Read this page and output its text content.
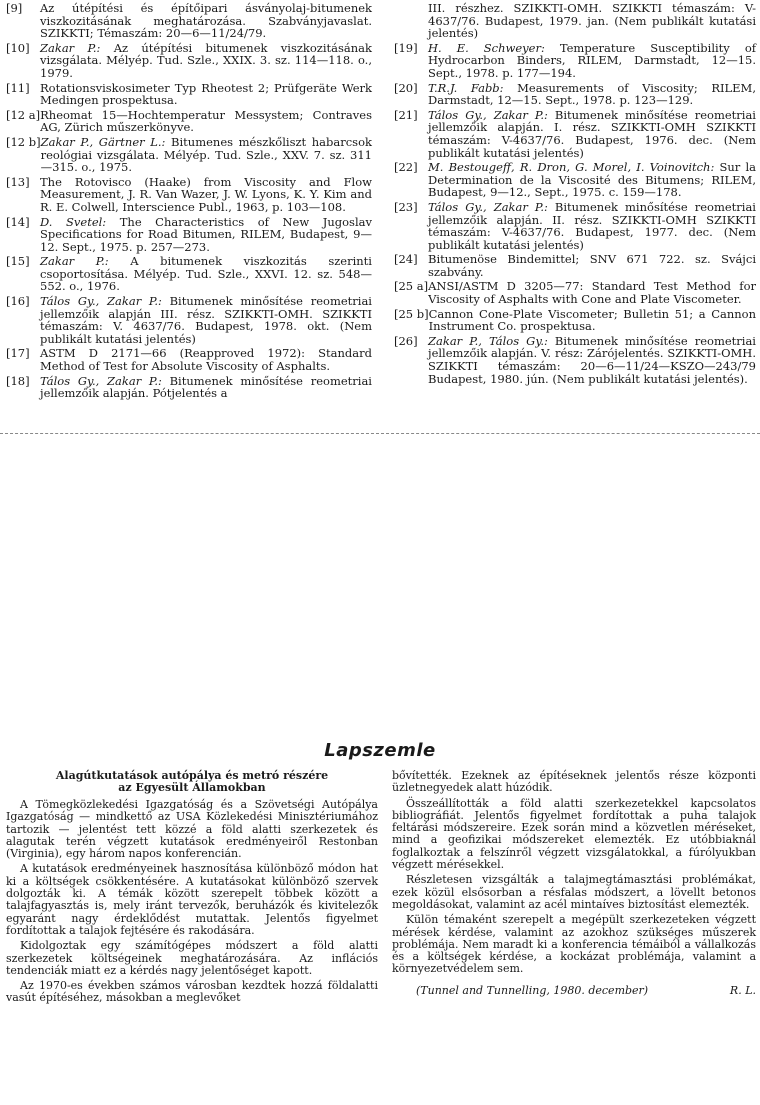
[9]	Az útépítési és építőipari ásványolaj-bitumenek viszkozitásának meghatározása. Szabványjavaslat. SZIKKTI; Témaszám: 20—6—11/24/79.
[10] Zakar P.: Az útépítési bitumenek viszkozitásának vizsgálata. Mélyép. Tud. Szle., XXIX. 3. sz. 114—118. o., 1979.
[11] Rotationsviskosimeter Typ Rheotest 2; Prüfgeräte Werk Medingen prospektusa.
[12 a] Rheomat 15—Hochtemperatur Messystem; Contraves AG, Zürich műszerkönyve.
[12 b] Zakar P., Gärtner L.: Bitumenes mészkőliszt habarcsok reológiai vizsgálata. Mélyép. Tud. Szle., XXV. 7. sz. 311—315. o., 1975.
[13] The Rotovisco (Haake) from Viscosity and Flow Measurement, J. R. Van Wazer, J. W. Lyons, K. Y. Kim and R. E. Colwell, Interscience Publ., 1963, p. 103—108.
[14] D. Svetel: The Characteristics of New Jugoslav Specifications for Road Bitumen, RILEM, Budapest, 9—12. Sept., 1975. p. 257—273.
[15] Zakar P.: A bitumenek viszkozitás szerinti csoportosítása. Mélyép. Tud. Szle., XXVI. 12. sz. 548—552. o., 1976.
[16] Tálos Gy., Zakar P.: Bitumenek minősítése reometriai jellemzőik alapján III. rész. SZIKKTI-OMH. SZIKKTI témaszám: V. 4637/76. Budapest, 1978. okt. (Nem publikált kutatási jelentés)
[17] ASTM D 2171—66 (Reapproved 1972): Standard Method of Test for Absolute Viscosity of Asphalts.
[18] Tálos Gy., Zakar P.: Bitumenek minősítése reometriai jellemzőik alapján. Pótjelentés a
III. részhez. SZIKKTI-OMH. SZIKKTI témaszám: V-4637/76. Budapest, 1979. jan. (Nem publikált kutatási jelentés)
[19] H. E. Schweyer: Temperature Susceptibility of Hydrocarbon Binders, RILEM, Darmstadt, 12—15. Sept., 1978. p. 177—194.
[20] T.R.J. Fabb: Measurements of Viscosity; RILEM, Darmstadt, 12—15. Sept., 1978. p. 123—129.
[21] Tálos Gy., Zakar P.: Bitumenek minősítése reometriai jellemzőik alapján. I. rész. SZIKKTI-OMH SZIKKTI témaszám: V-4637/76. Budapest, 1976. dec. (Nem publikált kutatási jelentés)
[22] M. Bestougeff, R. Dron, G. Morel, I. Voinovitch: Sur la Determination de la Viscosité des Bitumens; RILEM, Budapest, 9—12., Sept., 1975. c. 159—178.
[23] Tálos Gy., Zakar P.: Bitumenek minősítése reometriai jellemzőik alapján. II. rész. SZIKKTI-OMH SZIKKTI témaszám: V-4637/76. Budapest, 1977. dec. (Nem publikált kutatási jelentés)
[24] Bitumenöse Bindemittel; SNV 671 722. sz. Svájci szabvány.
[25 a] ANSI/ASTM D 3205—77: Standard Test Method for Viscosity of Asphalts with Cone and Plate Viscometer.
[25 b] Cannon Cone-Plate Viscometer; Bulletin 51; a Cannon Instrument Co. prospektusa.
[26] Zakar P., Tálos Gy.: Bitumenek minősítése reometriai jellemzőik alapján. V. rész: Zárójelentés. SZIKKTI-OMH. SZIKKTI témaszám: 20—6—11/24—KSZO—243/79 Budapest, 1980. jún. (Nem publikált kutatási jelentés).
Lapszemle
Alagútkutatások autópálya és metró részére
az Egyesült Államokban

A Tömegközlekedési Igazgatóság és a Szövetségi Autópálya Igazgatóság — mindkettő az USA Közlekedési Minisztériumához tartozik — jelentést tett közzé a föld alatti szerkezetek és alagutak terén végzett kutatások eredményeiről Restonban (Virginia), egy három napos konferencián.

A kutatások eredményeinek hasznosítása különböző módon hat ki a költségek csökkentésére. A kutatásokat különböző szervek dolgozták ki. A témák között szerepelt többek között a talajfagyasztás is, mely iránt tervezők, beruházók és kivitelezők egyaránt nagy érdeklődést mutattak. Jelentős figyelmet fordítottak a talajok fejtésére és rakodására.

Kidolgoztak egy számítógépes módszert a föld alatti szerkezetek költségeinek meghatározására. Az inflációs tendenciák miatt ez a kérdés nagy jelentőséget kapott.

Az 1970-es években számos városban kezdtek hozzá földalatti vasút építéséhez, másokban a meglevőket

bővítették. Ezeknek az építéseknek jelentős része központi üzletnegyedek alatt húzódik.

Összeállították a föld alatti szerkezetekkel kapcsolatos bibliográfiát. Jelentős figyelmet fordítottak a puha talajok feltárási módszereire. Ezek során mind a közvetlen méréseket, mind a geofizikai módszereket elemezték. Ez utóbbiaknál foglalkoztak a felszínről végzett vizsgálatokkal, a fúrólyukban végzett mérésekkel.

Részletesen vizsgálták a talajmegtámasztási problémákat, ezek közül elsősorban a résfalas módszert, a lövellt betonos megoldásokat, valamint az acél mintaíves biztosítást elemezték.

Külön témaként szerepelt a megépült szerkezeteken végzett mérések kérdése, valamint az azokhoz szükséges műszerek problémája. Nem maradt ki a konferencia témáiból a vállalkozás és a költségek kérdése, a kockázat problémája, valamint a környezetvédelem sem.

(Tunnel and Tunnelling, 1980. december)	R. L.
